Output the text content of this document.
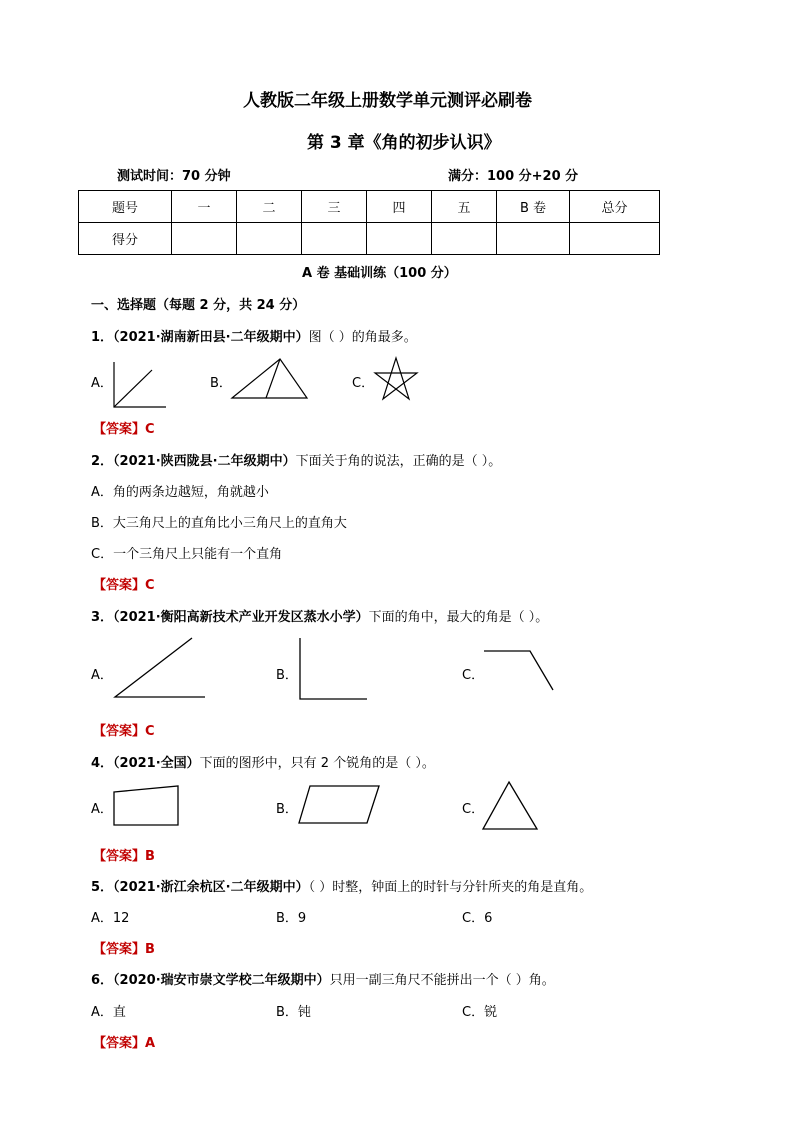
人教版二年级上册数学单元测评必刷卷
第 3 章《角的初步认识》
测试时间：70 分钟	满分：100 分+20 分
题号	一	二	三	四	五	B 卷	总分
得分							
A 卷 基础训练（100 分）
一、选择题（每题 2 分，共 24 分）
1．（2021·湖南新田县·二年级期中）图（ ）的角最多。
A．	B．	C．
【答案】C
2．（2021·陕西陇县·二年级期中）下面关于角的说法，正确的是（ ）。
A．角的两条边越短，角就越小
B．大三角尺上的直角比小三角尺上的直角大
C．一个三角尺上只能有一个直角
【答案】C
3．（2021·衡阳高新技术产业开发区蒸水小学）下面的角中，最大的角是（ ）。
A．	B．	C．
【答案】C
4．（2021·全国）下面的图形中，只有 2 个锐角的是（ ）。
A．	B．	C．
【答案】B
5．（2021·浙江余杭区·二年级期中）（ ）时整，钟面上的时针与分针所夹的角是直角。
A．12	B．9	C．6
【答案】B
6．（2020·瑞安市崇文学校二年级期中）只用一副三角尺不能拼出一个（ ）角。
A．直	B．钝	C．锐
【答案】A
